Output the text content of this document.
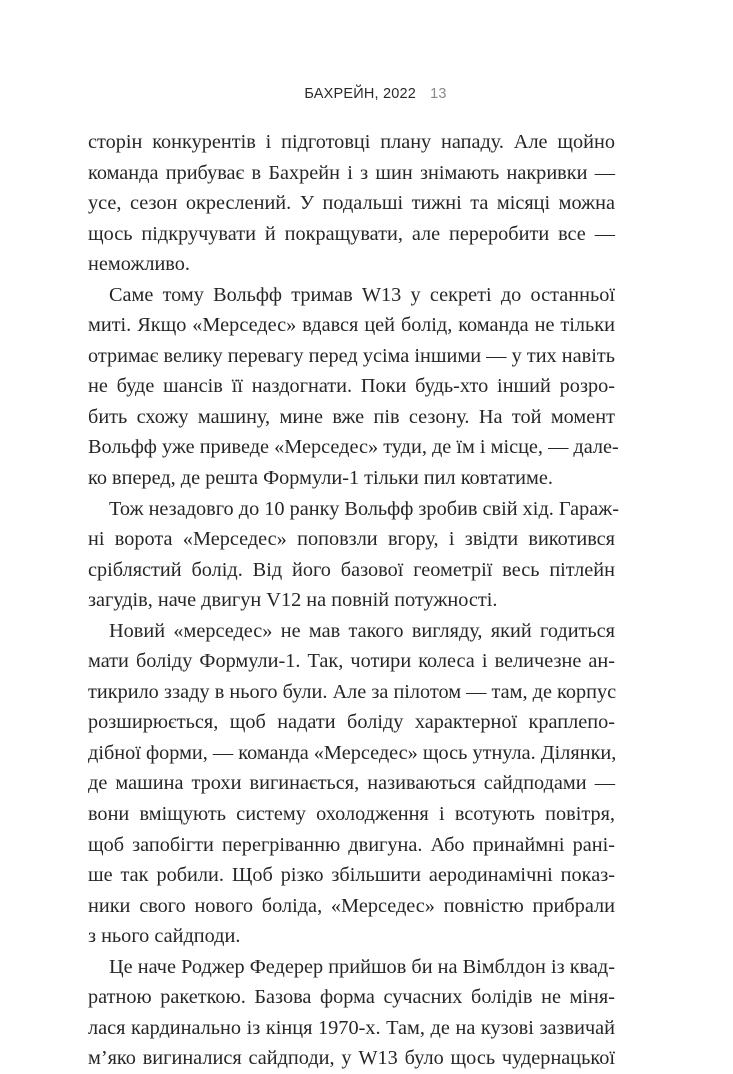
БАХРЕЙН, 2022 13
сторін конкурентів і підготовці плану нападу. Але щойно
команда прибуває в Бахрейн і з шин знімають накривки —
усе, сезон окреслений. У подальші тижні та місяці можна
щось підкручувати й покращувати, але переробити все —
неможливо.
Саме тому Вольфф тримав W13 у секреті до останньої
миті. Якщо «Мерседес» вдався цей болід, команда не тільки
отримає велику перевагу перед усіма іншими — у тих навіть
не буде шансів її наздогнати. Поки будь-хто інший розро-
бить схожу машину, мине вже пів сезону. На той момент
Вольфф уже приведе «Мерседес» туди, де їм і місце, — дале-
ко вперед, де решта Формули-1 тільки пил ковтатиме.
Тож незадовго до 10 ранку Вольфф зробив свій хід. Гараж-
ні ворота «Мерседес» поповзли вгору, і звідти викотився
сріблястий болід. Від його базової геометрії весь пітлейн
загудів, наче двигун V12 на повній потужності.
Новий «мерседес» не мав такого вигляду, який годиться
мати боліду Формули-1. Так, чотири колеса і величезне ан-
тикрило ззаду в нього були. Але за пілотом — там, де корпус
розширюється, щоб надати боліду характерної краплепо-
дібної форми, — команда «Мерседес» щось утнула. Ділянки,
де машина трохи вигинається, називаються сайдподами —
вони вміщують систему охолодження і всотують повітря,
щоб запобігти перегріванню двигуна. Або принаймні рані-
ше так робили. Щоб різко збільшити аеродинамічні показ-
ники свого нового боліда, «Мерседес» повністю прибрали
з нього сайдподи.
Це наче Роджер Федерер прийшов би на Вімблдон із квад-
ратною ракеткою. Базова форма сучасних болідів не міня-
лася кардинально із кінця 1970-х. Там, де на кузові зазвичай
м’яко вигиналися сайдподи, у W13 було щось чудернацької
